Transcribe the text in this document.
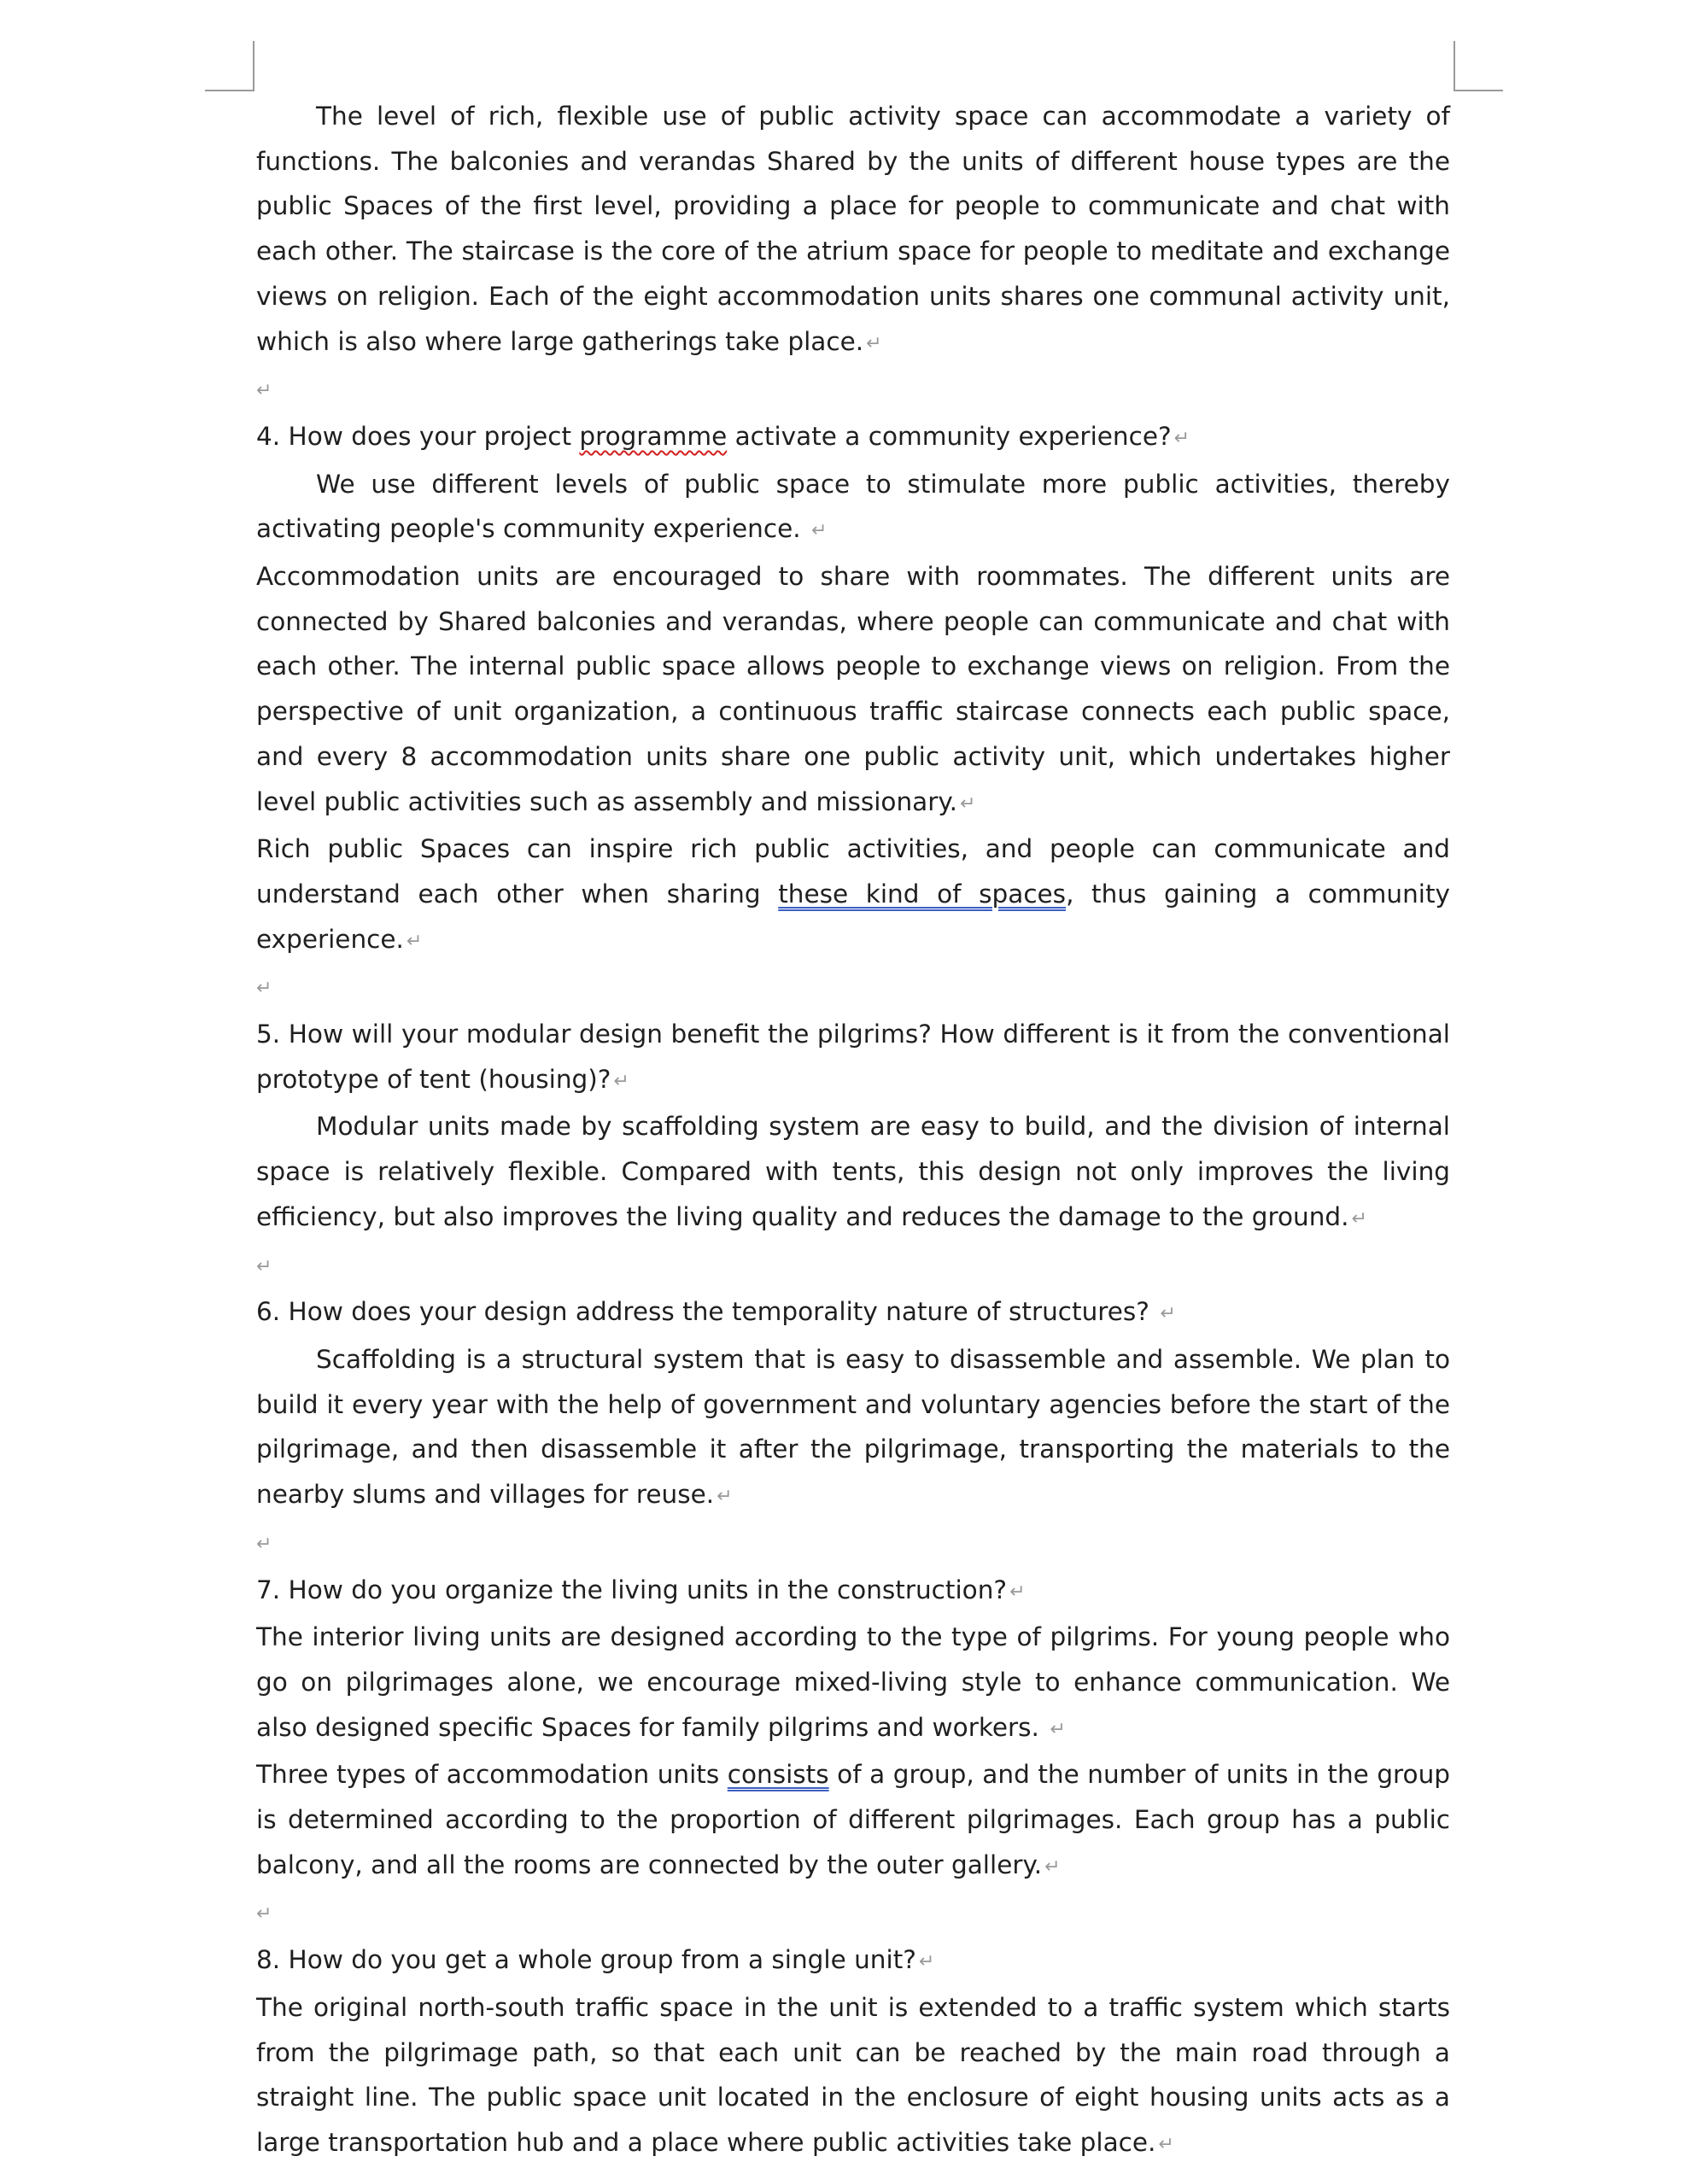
The level of rich, flexible use of public activity space can accommodate a variety of functions. The balconies and verandas Shared by the units of different house types are the public Spaces of the first level, providing a place for people to communicate and chat with each other. The staircase is the core of the atrium space for people to meditate and exchange views on religion. Each of the eight accommodation units shares one communal activity unit, which is also where large gatherings take place. ↵

↵

4. How does your project programme activate a community experience? ↵

We use different levels of public space to stimulate more public activities, thereby activating people's community experience. ↵

Accommodation units are encouraged to share with roommates. The different units are connected by Shared balconies and verandas, where people can communicate and chat with each other. The internal public space allows people to exchange views on religion. From the perspective of unit organization, a continuous traffic staircase connects each public space, and every 8 accommodation units share one public activity unit, which undertakes higher level public activities such as assembly and missionary. ↵

Rich public Spaces can inspire rich public activities, and people can communicate and understand each other when sharing these kind of spaces, thus gaining a community experience. ↵

↵

5. How will your modular design benefit the pilgrims? How different is it from the conventional prototype of tent (housing)? ↵

Modular units made by scaffolding system are easy to build, and the division of internal space is relatively flexible. Compared with tents, this design not only improves the living efficiency, but also improves the living quality and reduces the damage to the ground. ↵

↵

6. How does your design address the temporality nature of structures? ↵

Scaffolding is a structural system that is easy to disassemble and assemble. We plan to build it every year with the help of government and voluntary agencies before the start of the pilgrimage, and then disassemble it after the pilgrimage, transporting the materials to the nearby slums and villages for reuse. ↵

↵

7. How do you organize the living units in the construction? ↵

The interior living units are designed according to the type of pilgrims. For young people who go on pilgrimages alone, we encourage mixed-living style to enhance communication. We also designed specific Spaces for family pilgrims and workers. ↵

Three types of accommodation units consists of a group, and the number of units in the group is determined according to the proportion of different pilgrimages. Each group has a public balcony, and all the rooms are connected by the outer gallery. ↵

↵

8. How do you get a whole group from a single unit? ↵

The original north-south traffic space in the unit is extended to a traffic system which starts from the pilgrimage path, so that each unit can be reached by the main road through a straight line. The public space unit located in the enclosure of eight housing units acts as a large transportation hub and a place where public activities take place. ↵
